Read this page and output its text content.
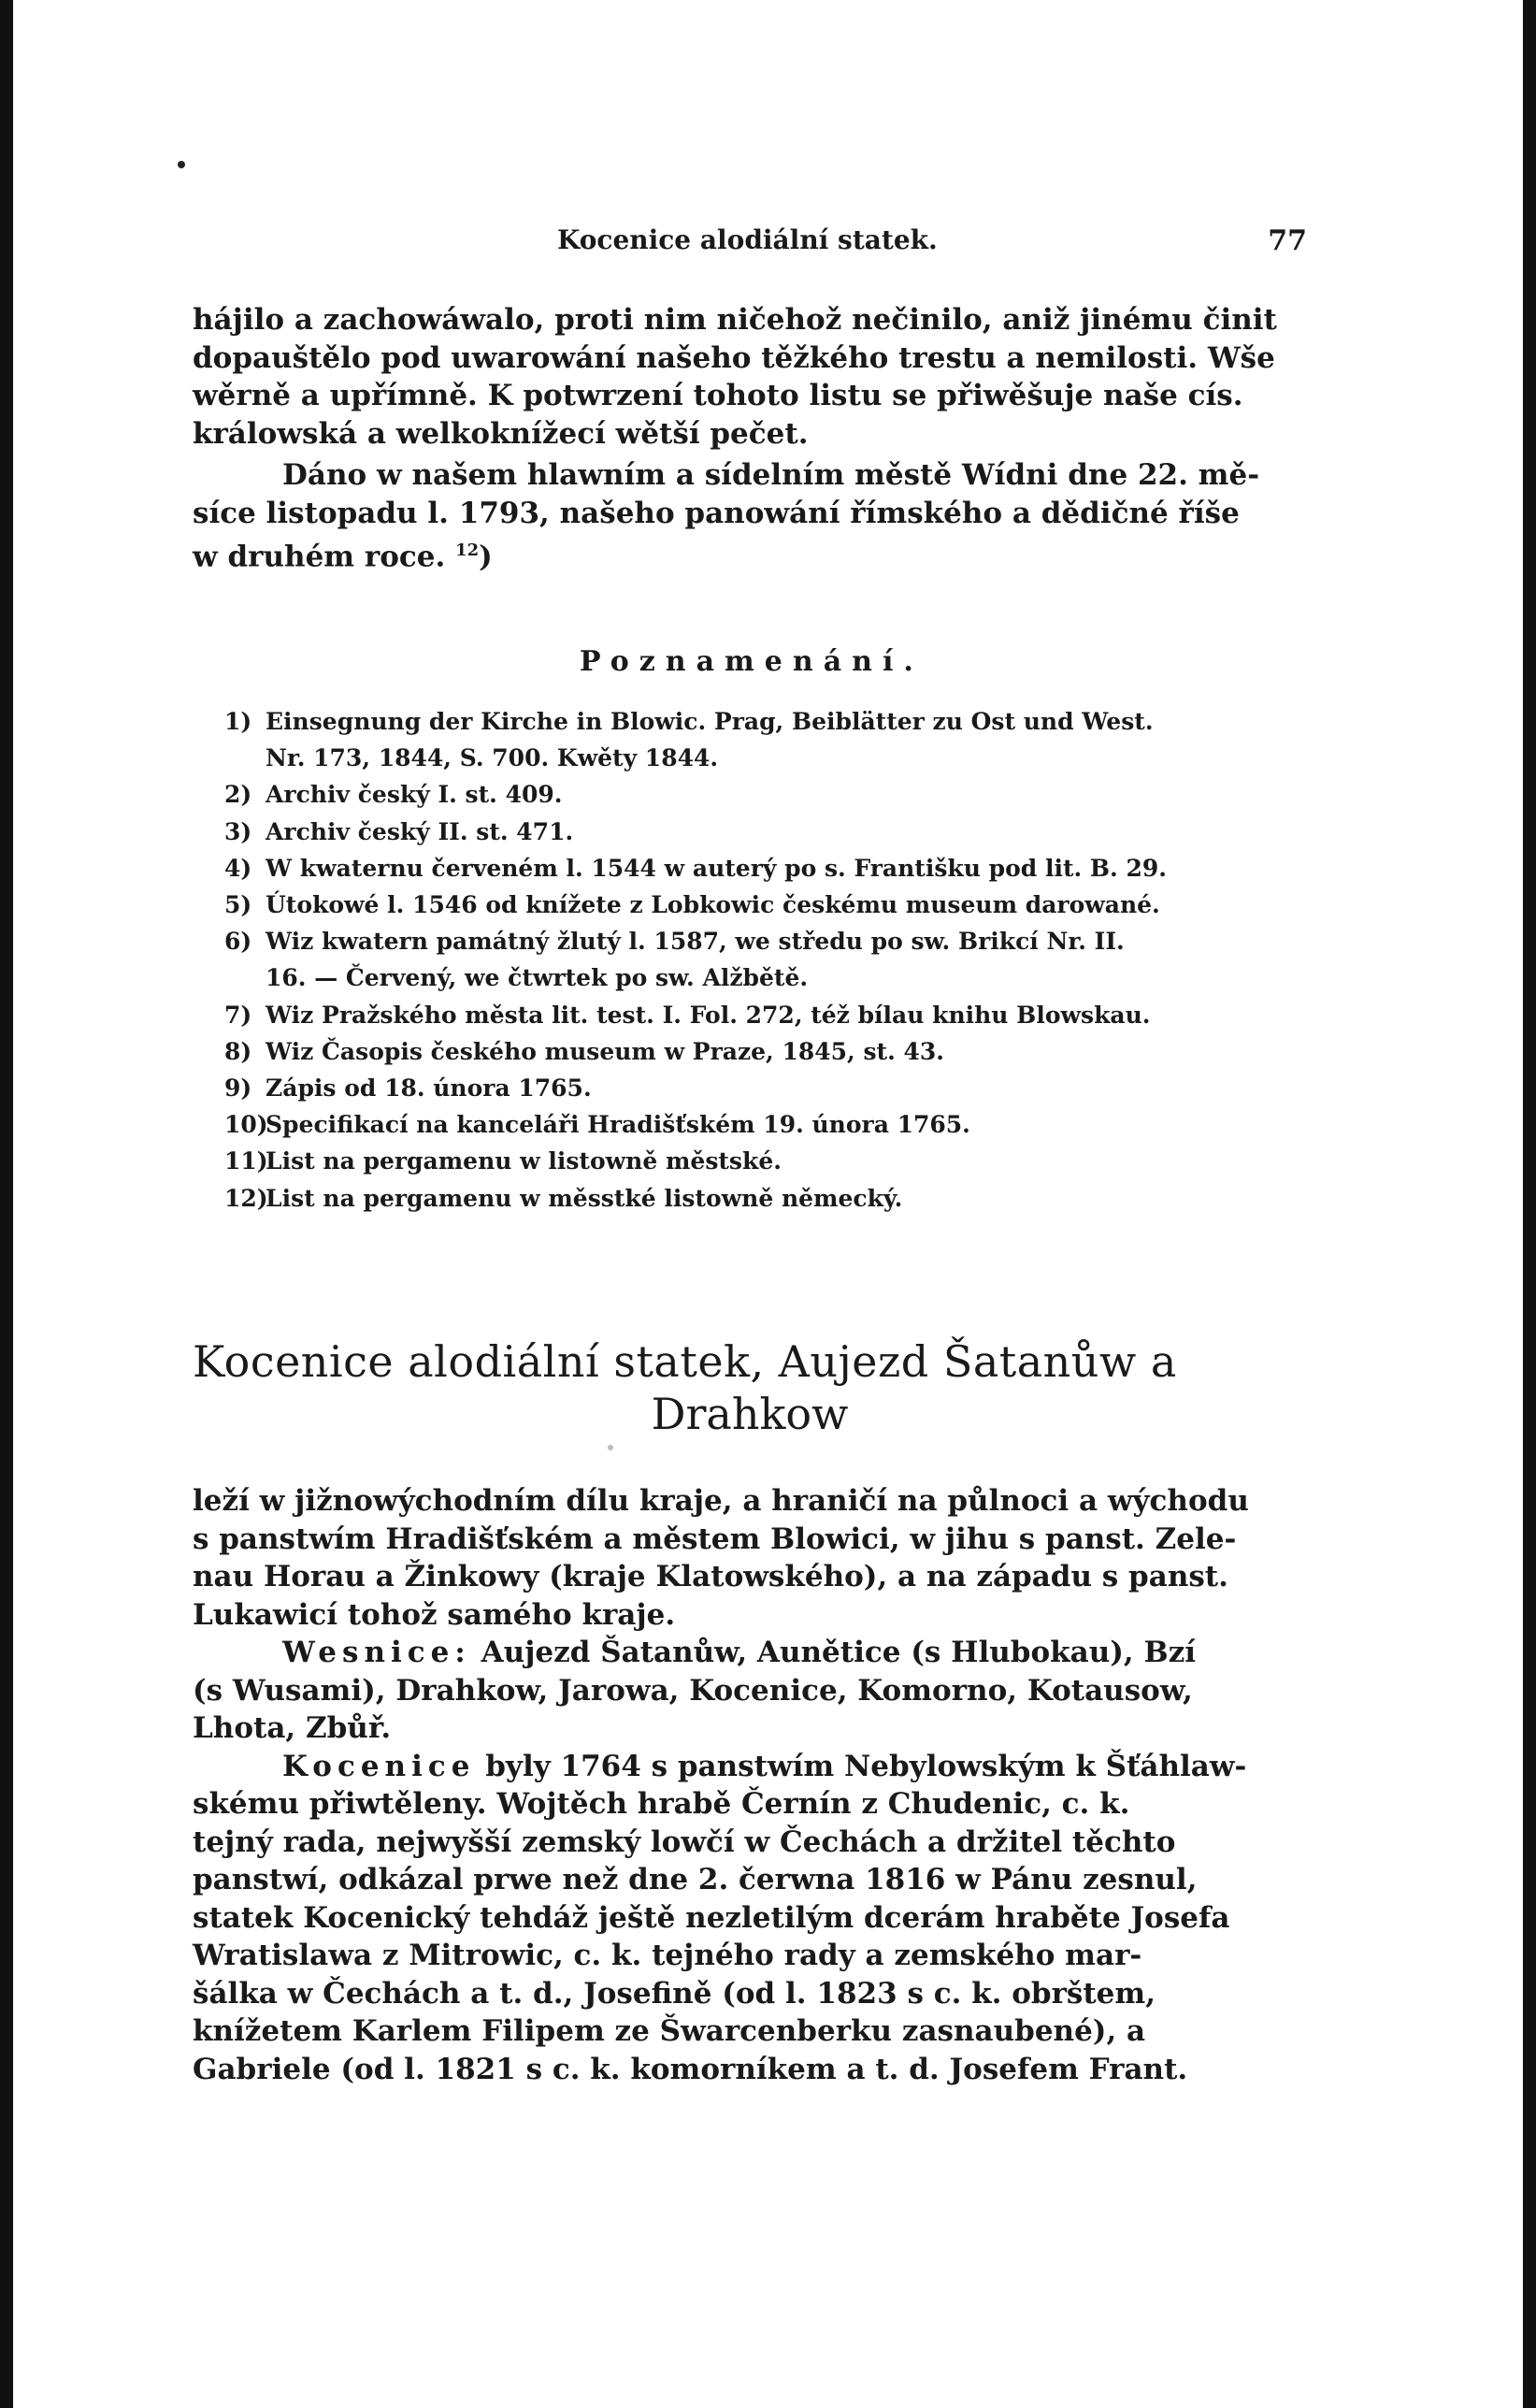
Kocenice alodiální statek.	77

hájilo a zachowáwalo, proti nim ničehož nečinilo, aniž jinému činit
dopauštělo pod uwarowání našeho těžkého trestu a nemilosti. Wše
wěrně a upřímně. K potwrzení tohoto listu se přiwěšuje naše cís.
králowská a welkoknížecí wětší pečet.

Dáno w našem hlawním a sídelním městě Wídni dne 22. mě-
síce listopadu l. 1793, našeho panowání římského a dědičné říše
w druhém roce. $^{12}$)

Poznamenání.
1) Einsegnung der Kirche in Blowic. Prag, Beiblätter zu Ost und West.
Nr. 173, 1844, S. 700. Kwěty 1844.
2) Archiv český I. st. 409.
3) Archiv český II. st. 471.
4) W kwaternu červeném l. 1544 w auterý po s. Františku pod lit. B. 29.
5) Útokowé l. 1546 od knížete z Lobkowic českému museum darowané.
6) Wiz kwatern památný žlutý l. 1587, we středu po sw. Brikcí Nr. II.
16. — Červený, we čtwrtek po sw. Alžbětě.
7) Wiz Pražského města lit. test. I. Fol. 272, též bílau knihu Blowskau.
8) Wiz Časopis českého museum w Praze, 1845, st. 43.
9) Zápis od 18. února 1765.
10)Specifikací na kanceláři Hradišťském 19. února 1765.
11)List na pergamenu w listowně městské.
12)List na pergamenu w měsstké listowně německý.
Kocenice alodiální statek, Aujezd Šatanůw a
Drahkow

leží w jižnowýchodním dílu kraje, a hraničí na půlnoci a wýchodu
s panstwím Hradišťském a městem Blowici, w jihu s panst. Zele-
nau Horau a Žinkowy (kraje Klatowského), a na západu s panst.
Lukawicí tohož samého kraje.

Wesnice: Aujezd Šatanůw, Aunětice (s Hlubokau), Bzí
(s Wusami), Drahkow, Jarowa, Kocenice, Komorno, Kotausow,
Lhota, Zbůř.

Kocenice byly 1764 s panstwím Nebylowským k Šťáhlaw-
skému přiwtěleny. Wojtěch hrabě Černín z Chudenic, c. k.
tejný rada, nejwyšší zemský lowčí w Čechách a držitel těchto
panstwí, odkázal prwe než dne 2. čerwna 1816 w Pánu zesnul,
statek Kocenický tehdáž ještě nezletilým dcerám hraběte Josefa
Wratislawa z Mitrowic, c. k. tejného rady a zemského mar-
šálka w Čechách a t. d., Josefině (od l. 1823 s c. k. obrštem,
knížetem Karlem Filipem ze Šwarcenberku zasnaubené), a
Gabriele (od l. 1821 s c. k. komorníkem a t. d. Josefem Frant.
